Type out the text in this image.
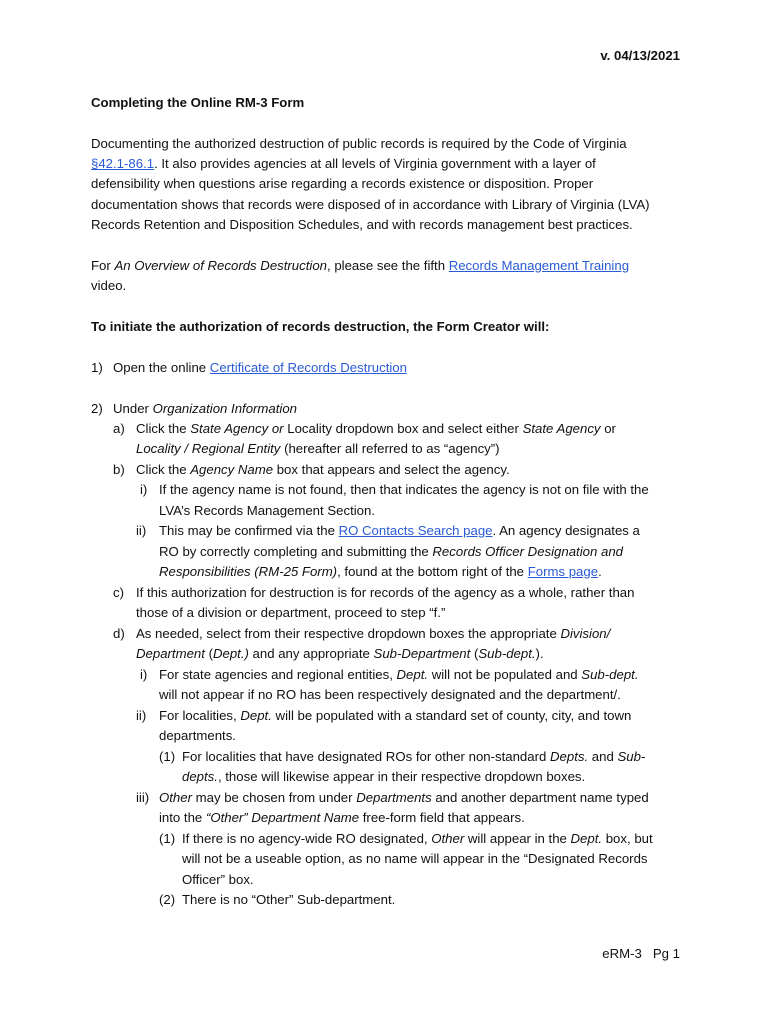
v. 04/13/2021
Completing the Online RM-3 Form
Documenting the authorized destruction of public records is required by the Code of Virginia
§42.1-86.1. It also provides agencies at all levels of Virginia government with a layer of
defensibility when questions arise regarding a records existence or disposition. Proper
documentation shows that records were disposed of in accordance with Library of Virginia (LVA)
Records Retention and Disposition Schedules, and with records management best practices.
For An Overview of Records Destruction, please see the fifth Records Management Training
video.
To initiate the authorization of records destruction, the Form Creator will:
1) Open the online Certificate of Records Destruction
2) Under Organization Information
a) Click the State Agency or Locality dropdown box and select either State Agency or
Locality / Regional Entity (hereafter all referred to as “agency”)
b) Click the Agency Name box that appears and select the agency.
i) If the agency name is not found, then that indicates the agency is not on file with the
LVA’s Records Management Section.
ii) This may be confirmed via the RO Contacts Search page. An agency designates a
RO by correctly completing and submitting the Records Officer Designation and
Responsibilities (RM-25 Form), found at the bottom right of the Forms page.
c) If this authorization for destruction is for records of the agency as a whole, rather than
those of a division or department, proceed to step “f.”
d) As needed, select from their respective dropdown boxes the appropriate Division/
Department (Dept.) and any appropriate Sub-Department (Sub-dept.).
i) For state agencies and regional entities, Dept. will not be populated and Sub-dept.
will not appear if no RO has been respectively designated and the department/.
ii) For localities, Dept. will be populated with a standard set of county, city, and town
departments.
(1) For localities that have designated ROs for other non-standard Depts. and Sub-
depts., those will likewise appear in their respective dropdown boxes.
iii) Other may be chosen from under Departments and another department name typed
into the “Other” Department Name free-form field that appears.
(1) If there is no agency-wide RO designated, Other will appear in the Dept. box, but
will not be a useable option, as no name will appear in the “Designated Records
Officer” box.
(2) There is no “Other” Sub-department.
eRM-3   Pg 1
